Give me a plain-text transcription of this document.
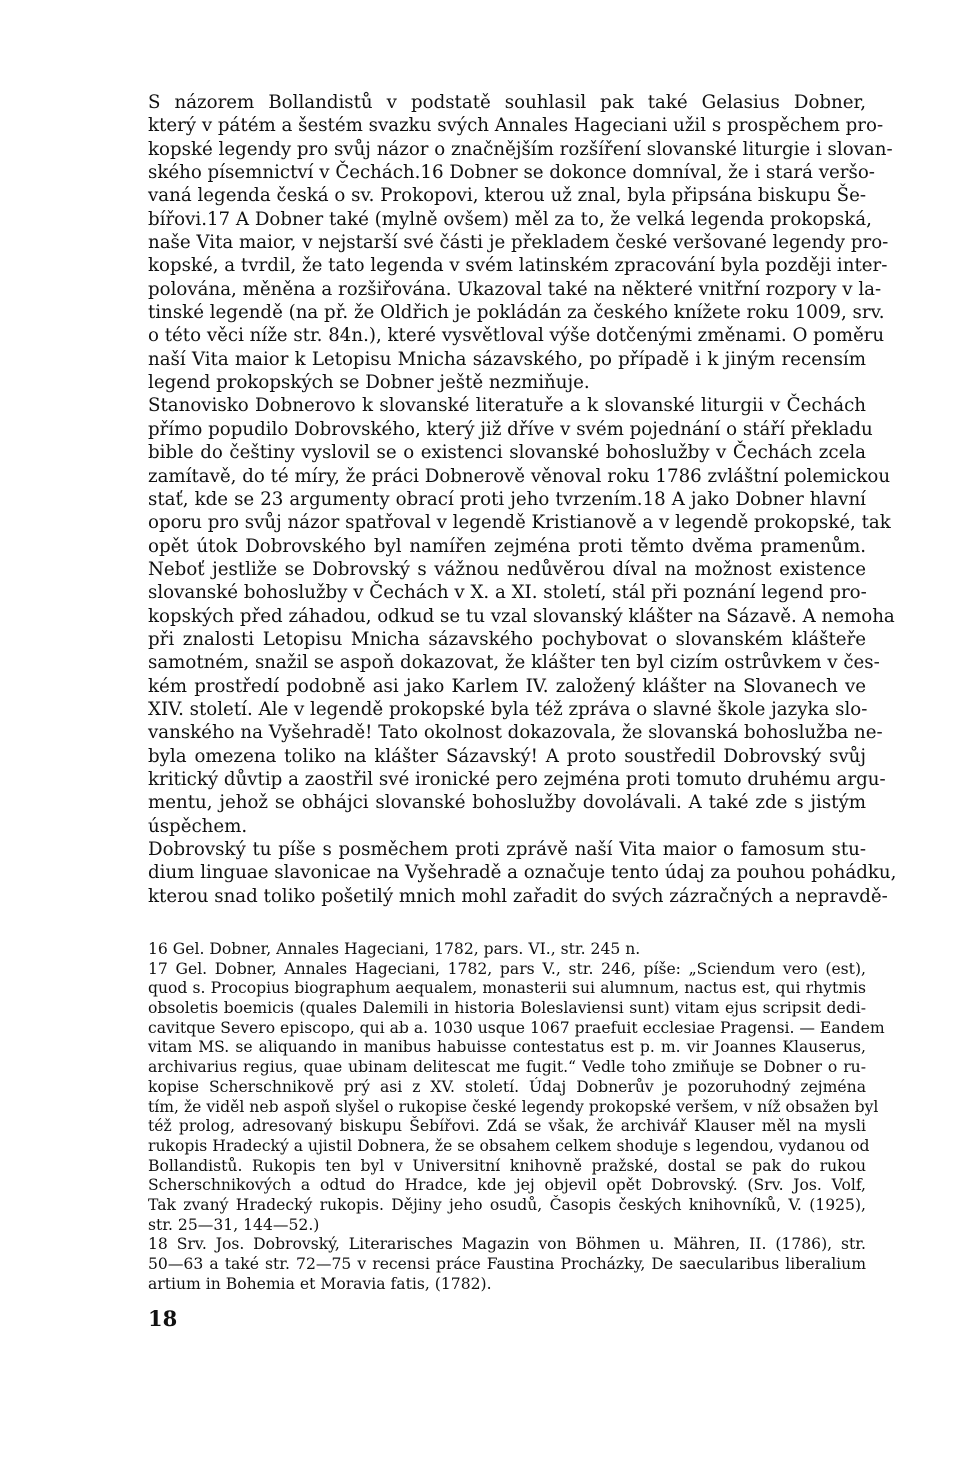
S názorem Bollandistů v podstatě souhlasil pak také Gelasius Dobner,
který v pátém a šestém svazku svých Annales Hageciani užil s prospěchem pro-
kopské legendy pro svůj názor o značnějším rozšíření slovanské liturgie i slovan-
ského písemnictví v Čechách.16 Dobner se dokonce domníval, že i stará veršo-
vaná legenda česká o sv. Prokopovi, kterou už znal, byla připsána biskupu Še-
bířovi.17 A Dobner také (mylně ovšem) měl za to, že velká legenda prokopská,
naše Vita maior, v nejstarší své části je překladem české veršované legendy pro-
kopské, a tvrdil, že tato legenda v svém latinském zpracování byla později inter-
polována, měněna a rozšiřována. Ukazoval také na některé vnitřní rozpory v la-
tinské legendě (na př. že Oldřich je pokládán za českého knížete roku 1009, srv.
o této věci níže str. 84n.), které vysvětloval výše dotčenými změnami. O poměru
naší Vita maior k Letopisu Mnicha sázavského, po případě i k jiným recensím
legend prokopských se Dobner ještě nezmiňuje.
Stanovisko Dobnerovo k slovanské literatuře a k slovanské liturgii v Čechách
přímo popudilo Dobrovského, který již dříve v svém pojednání o stáří překladu
bible do češtiny vyslovil se o existenci slovanské bohoslužby v Čechách zcela
zamítavě, do té míry, že práci Dobnerově věnoval roku 1786 zvláštní polemickou
stať, kde se 23 argumenty obrací proti jeho tvrzením.18 A jako Dobner hlavní
oporu pro svůj názor spatřoval v legendě Kristianově a v legendě prokopské, tak
opět útok Dobrovského byl namířen zejména proti těmto dvěma pramenům.
Neboť jestliže se Dobrovský s vážnou nedůvěrou díval na možnost existence
slovanské bohoslužby v Čechách v X. a XI. století, stál při poznání legend pro-
kopských před záhadou, odkud se tu vzal slovanský klášter na Sázavě. A nemoha
při znalosti Letopisu Mnicha sázavského pochybovat o slovanském klášteře
samotném, snažil se aspoň dokazovat, že klášter ten byl cizím ostrůvkem v čes-
kém prostředí podobně asi jako Karlem IV. založený klášter na Slovanech ve
XIV. století. Ale v legendě prokopské byla též zpráva o slavné škole jazyka slo-
vanského na Vyšehradě! Tato okolnost dokazovala, že slovanská bohoslužba ne-
byla omezena toliko na klášter Sázavský! A proto soustředil Dobrovský svůj
kritický důvtip a zaostřil své ironické pero zejména proti tomuto druhému argu-
mentu, jehož se obhájci slovanské bohoslužby dovolávali. A také zde s jistým
úspěchem.
Dobrovský tu píše s posměchem proti zprávě naší Vita maior o famosum stu-
dium linguae slavonicae na Vyšehradě a označuje tento údaj za pouhou pohádku,
kterou snad toliko pošetilý mnich mohl zařadit do svých zázračných a nepravdě-
16 Gel. Dobner, Annales Hageciani, 1782, pars. VI., str. 245 n.
17 Gel. Dobner, Annales Hageciani, 1782, pars V., str. 246, píše: „Sciendum vero (est),
quod s. Procopius biographum aequalem, monasterii sui alumnum, nactus est, qui rhytmis
obsoletis boemicis (quales Dalemili in historia Boleslaviensi sunt) vitam ejus scripsit dedi-
cavitque Severo episcopo, qui ab a. 1030 usque 1067 praefuit ecclesiae Pragensi. — Eandem
vitam MS. se aliquando in manibus habuisse contestatus est p. m. vir Joannes Klauserus,
archivarius regius, quae ubinam delitescat me fugit.“ Vedle toho zmiňuje se Dobner o ru-
kopise Scherschnikově prý asi z XV. století. Údaj Dobnerův je pozoruhodný zejména
tím, že viděl neb aspoň slyšel o rukopise české legendy prokopské veršem, v níž obsažen byl
též prolog, adresovaný biskupu Šebířovi. Zdá se však, že archivář Klauser měl na mysli
rukopis Hradecký a ujistil Dobnera, že se obsahem celkem shoduje s legendou, vydanou od
Bollandistů. Rukopis ten byl v Universitní knihovně pražské, dostal se pak do rukou
Scherschnikových a odtud do Hradce, kde jej objevil opět Dobrovský. (Srv. Jos. Volf,
Tak zvaný Hradecký rukopis. Dějiny jeho osudů, Časopis českých knihovníků, V. (1925),
str. 25—31, 144—52.)
18 Srv. Jos. Dobrovský, Literarisches Magazin von Böhmen u. Mähren, II. (1786), str.
50—63 a také str. 72—75 v recensi práce Faustina Procházky, De saecularibus liberalium
artium in Bohemia et Moravia fatis, (1782).
18
